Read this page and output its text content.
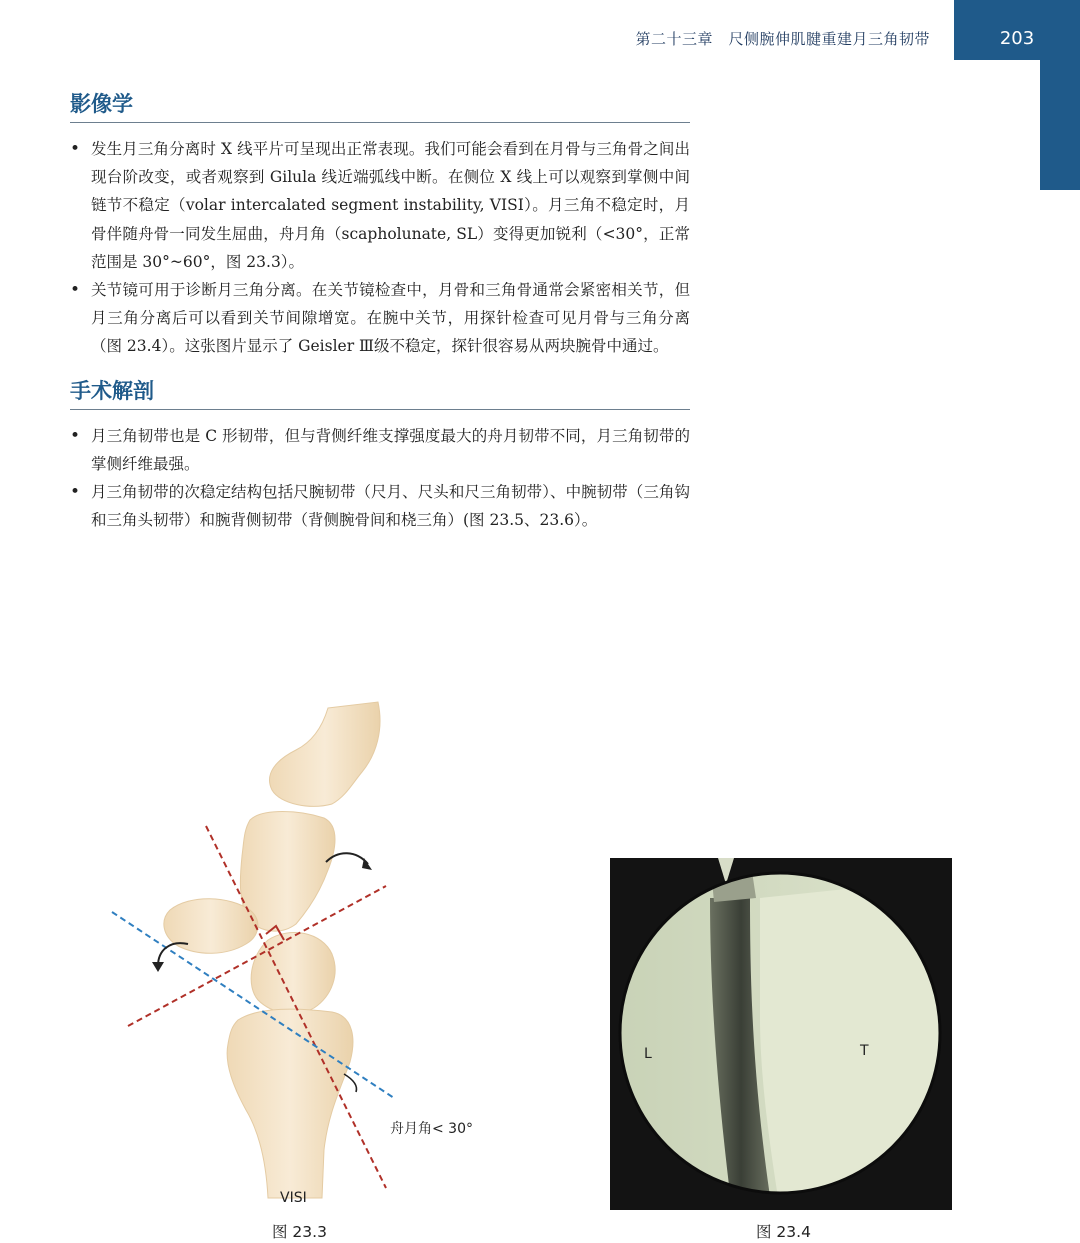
第二十三章　尺侧腕伸肌腱重建月三角韧带	203
影像学
• 发生月三角分离时 X 线平片可呈现出正常表现。我们可能会看到在月骨与三角骨之间出现台阶改变，或者观察到 Gilula 线近端弧线中断。在侧位 X 线上可以观察到掌侧中间链节不稳定（volar intercalated segment instability, VISI）。月三角不稳定时，月骨伴随舟骨一同发生屈曲，舟月角（scapholunate, SL）变得更加锐利（<30°，正常范围是 30°~60°，图 23.3）。
• 关节镜可用于诊断月三角分离。在关节镜检查中，月骨和三角骨通常会紧密相关节，但月三角分离后可以看到关节间隙增宽。在腕中关节，用探针检查可见月骨与三角分离（图 23.4）。这张图片显示了 Geisler Ⅲ级不稳定，探针很容易从两块腕骨中通过。
手术解剖
• 月三角韧带也是 C 形韧带，但与背侧纤维支撑强度最大的舟月韧带不同，月三角韧带的掌侧纤维最强。
• 月三角韧带的次稳定结构包括尺腕韧带（尺月、尺头和尺三角韧带）、中腕韧带（三角钩和三角头韧带）和腕背侧韧带（背侧腕骨间和桡三角）(图 23.5、23.6）。
VISI
舟月角< 30°
图 23.3
L	T
图 23.4
